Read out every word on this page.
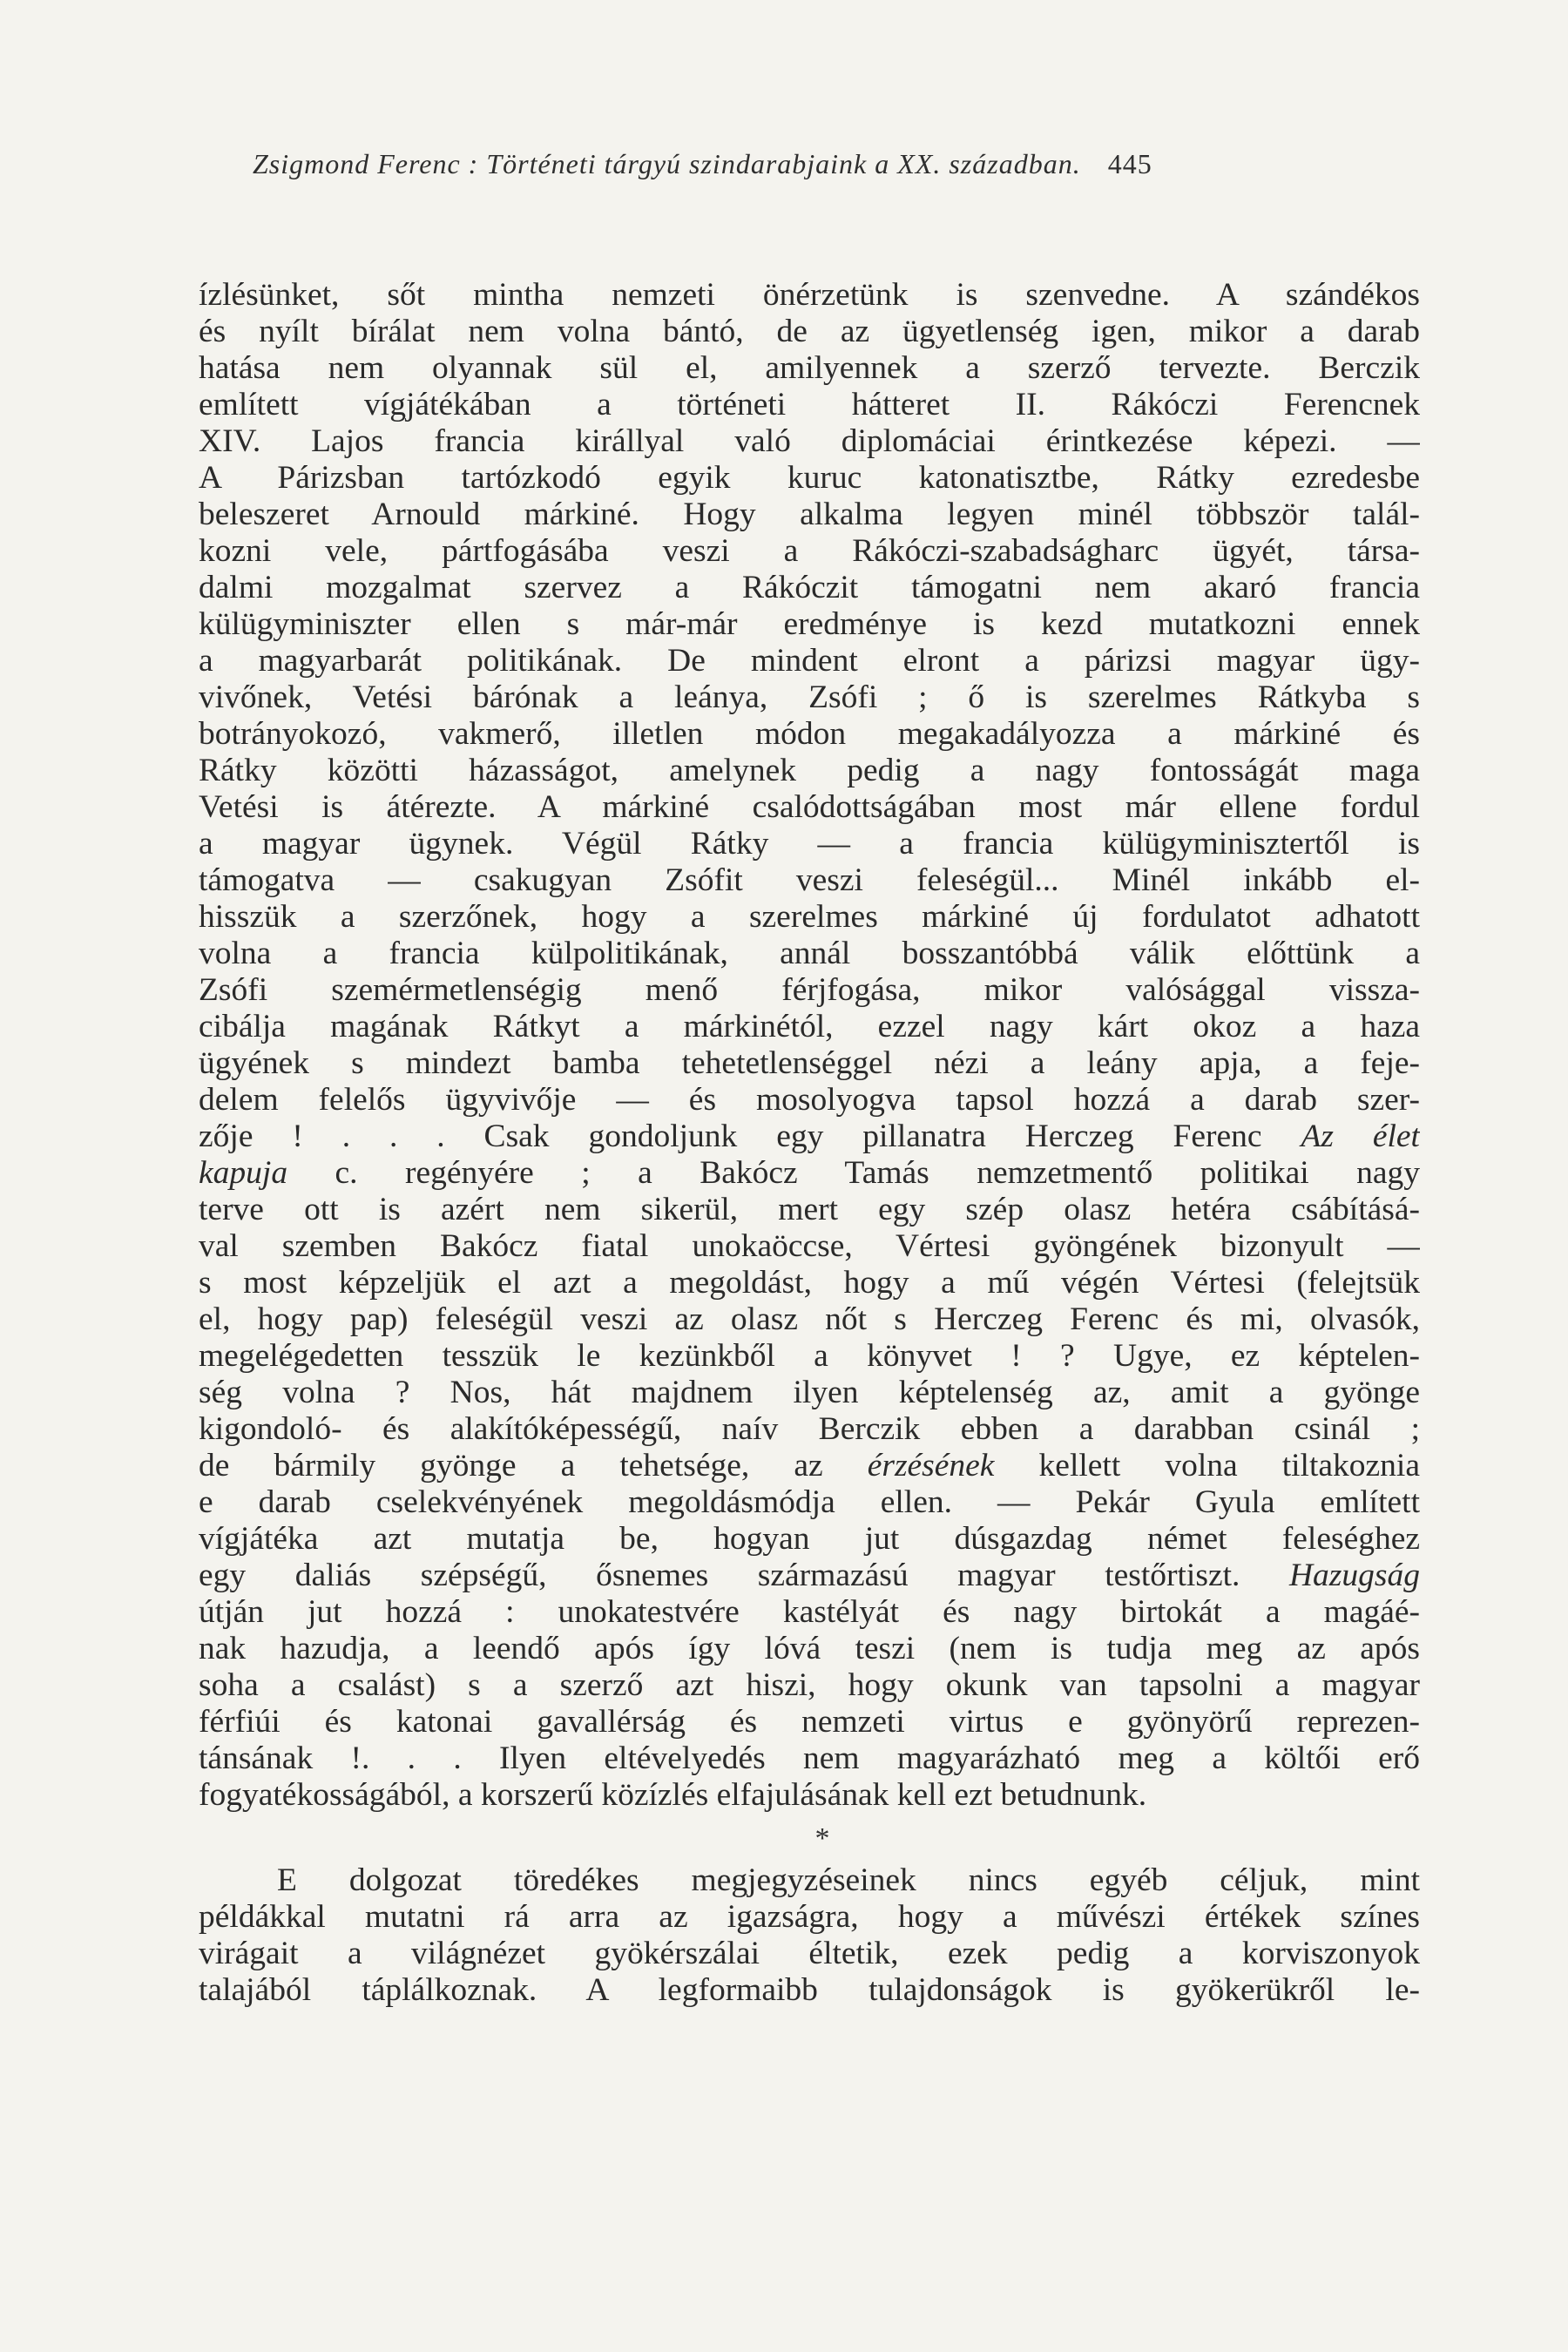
Zsigmond Ferenc : Történeti tárgyú szindarabjaink a XX. században. 445
ízlésünket, sőt mintha nemzeti önérzetünk is szenvedne. A szándékos
és nyílt bírálat nem volna bántó, de az ügyetlenség igen, mikor a darab
hatása nem olyannak sül el, amilyennek a szerző tervezte. Berczik
említett vígjátékában a történeti hátteret II. Rákóczi Ferencnek
XIV. Lajos francia királlyal való diplomáciai érintkezése képezi. —
A Párizsban tartózkodó egyik kuruc katonatisztbe, Rátky ezredesbe
beleszeret Arnould márkiné. Hogy alkalma legyen minél többször talál-
kozni vele, pártfogásába veszi a Rákóczi-szabadságharc ügyét, társa-
dalmi mozgalmat szervez a Rákóczit támogatni nem akaró francia
külügyminiszter ellen s már-már eredménye is kezd mutatkozni ennek
a magyarbarát politikának. De mindent elront a párizsi magyar ügy-
vivőnek, Vetési bárónak a leánya, Zsófi ; ő is szerelmes Rátkyba s
botrányokozó, vakmerő, illetlen módon megakadályozza a márkiné és
Rátky közötti házasságot, amelynek pedig a nagy fontosságát maga
Vetési is átérezte. A márkiné csalódottságában most már ellene fordul
a magyar ügynek. Végül Rátky — a francia külügyminisztertől is
támogatva — csakugyan Zsófit veszi feleségül... Minél inkább el-
hisszük a szerzőnek, hogy a szerelmes márkiné új fordulatot adhatott
volna a francia külpolitikának, annál bosszantóbbá válik előttünk a
Zsófi szemérmetlenségig menő férjfogása, mikor valósággal vissza-
cibálja magának Rátkyt a márkinétól, ezzel nagy kárt okoz a haza
ügyének s mindezt bamba tehetetlenséggel nézi a leány apja, a feje-
delem felelős ügyvivője — és mosolyogva tapsol hozzá a darab szer-
zője ! . . . Csak gondoljunk egy pillanatra Herczeg Ferenc Az élet
kapuja c. regényére ; a Bakócz Tamás nemzetmentő politikai nagy
terve ott is azért nem sikerül, mert egy szép olasz hetéra csábításá-
val szemben Bakócz fiatal unokaöccse, Vértesi gyöngének bizonyult —
s most képzeljük el azt a megoldást, hogy a mű végén Vértesi (felejtsük
el, hogy pap) feleségül veszi az olasz nőt s Herczeg Ferenc és mi, olvasók,
megelégedetten tesszük le kezünkből a könyvet ! ? Ugye, ez képtelen-
ség volna ? Nos, hát majdnem ilyen képtelenség az, amit a gyönge
kigondoló- és alakítóképességű, naív Berczik ebben a darabban csinál ;
de bármily gyönge a tehetsége, az érzésének kellett volna tiltakoznia
e darab cselekvényének megoldásmódja ellen. — Pekár Gyula említett
vígjátéka azt mutatja be, hogyan jut dúsgazdag német feleséghez
egy daliás szépségű, ősnemes származású magyar testőrtiszt. Hazugság
útján jut hozzá : unokatestvére kastélyát és nagy birtokát a magáé-
nak hazudja, a leendő após így lóvá teszi (nem is tudja meg az após
soha a csalást) s a szerző azt hiszi, hogy okunk van tapsolni a magyar
férfiúi és katonai gavallérság és nemzeti virtus e gyönyörű reprezen-
tánsának !. . . Ilyen eltévelyedés nem magyarázható meg a költői erő
fogyatékosságából, a korszerű közízlés elfajulásának kell ezt betudnunk.
*
E dolgozat töredékes megjegyzéseinek nincs egyéb céljuk, mint
példákkal mutatni rá arra az igazságra, hogy a művészi értékek színes
virágait a világnézet gyökérszálai éltetik, ezek pedig a korviszonyok
talajából táplálkoznak. A legformaibb tulajdonságok is gyökerükről le-
